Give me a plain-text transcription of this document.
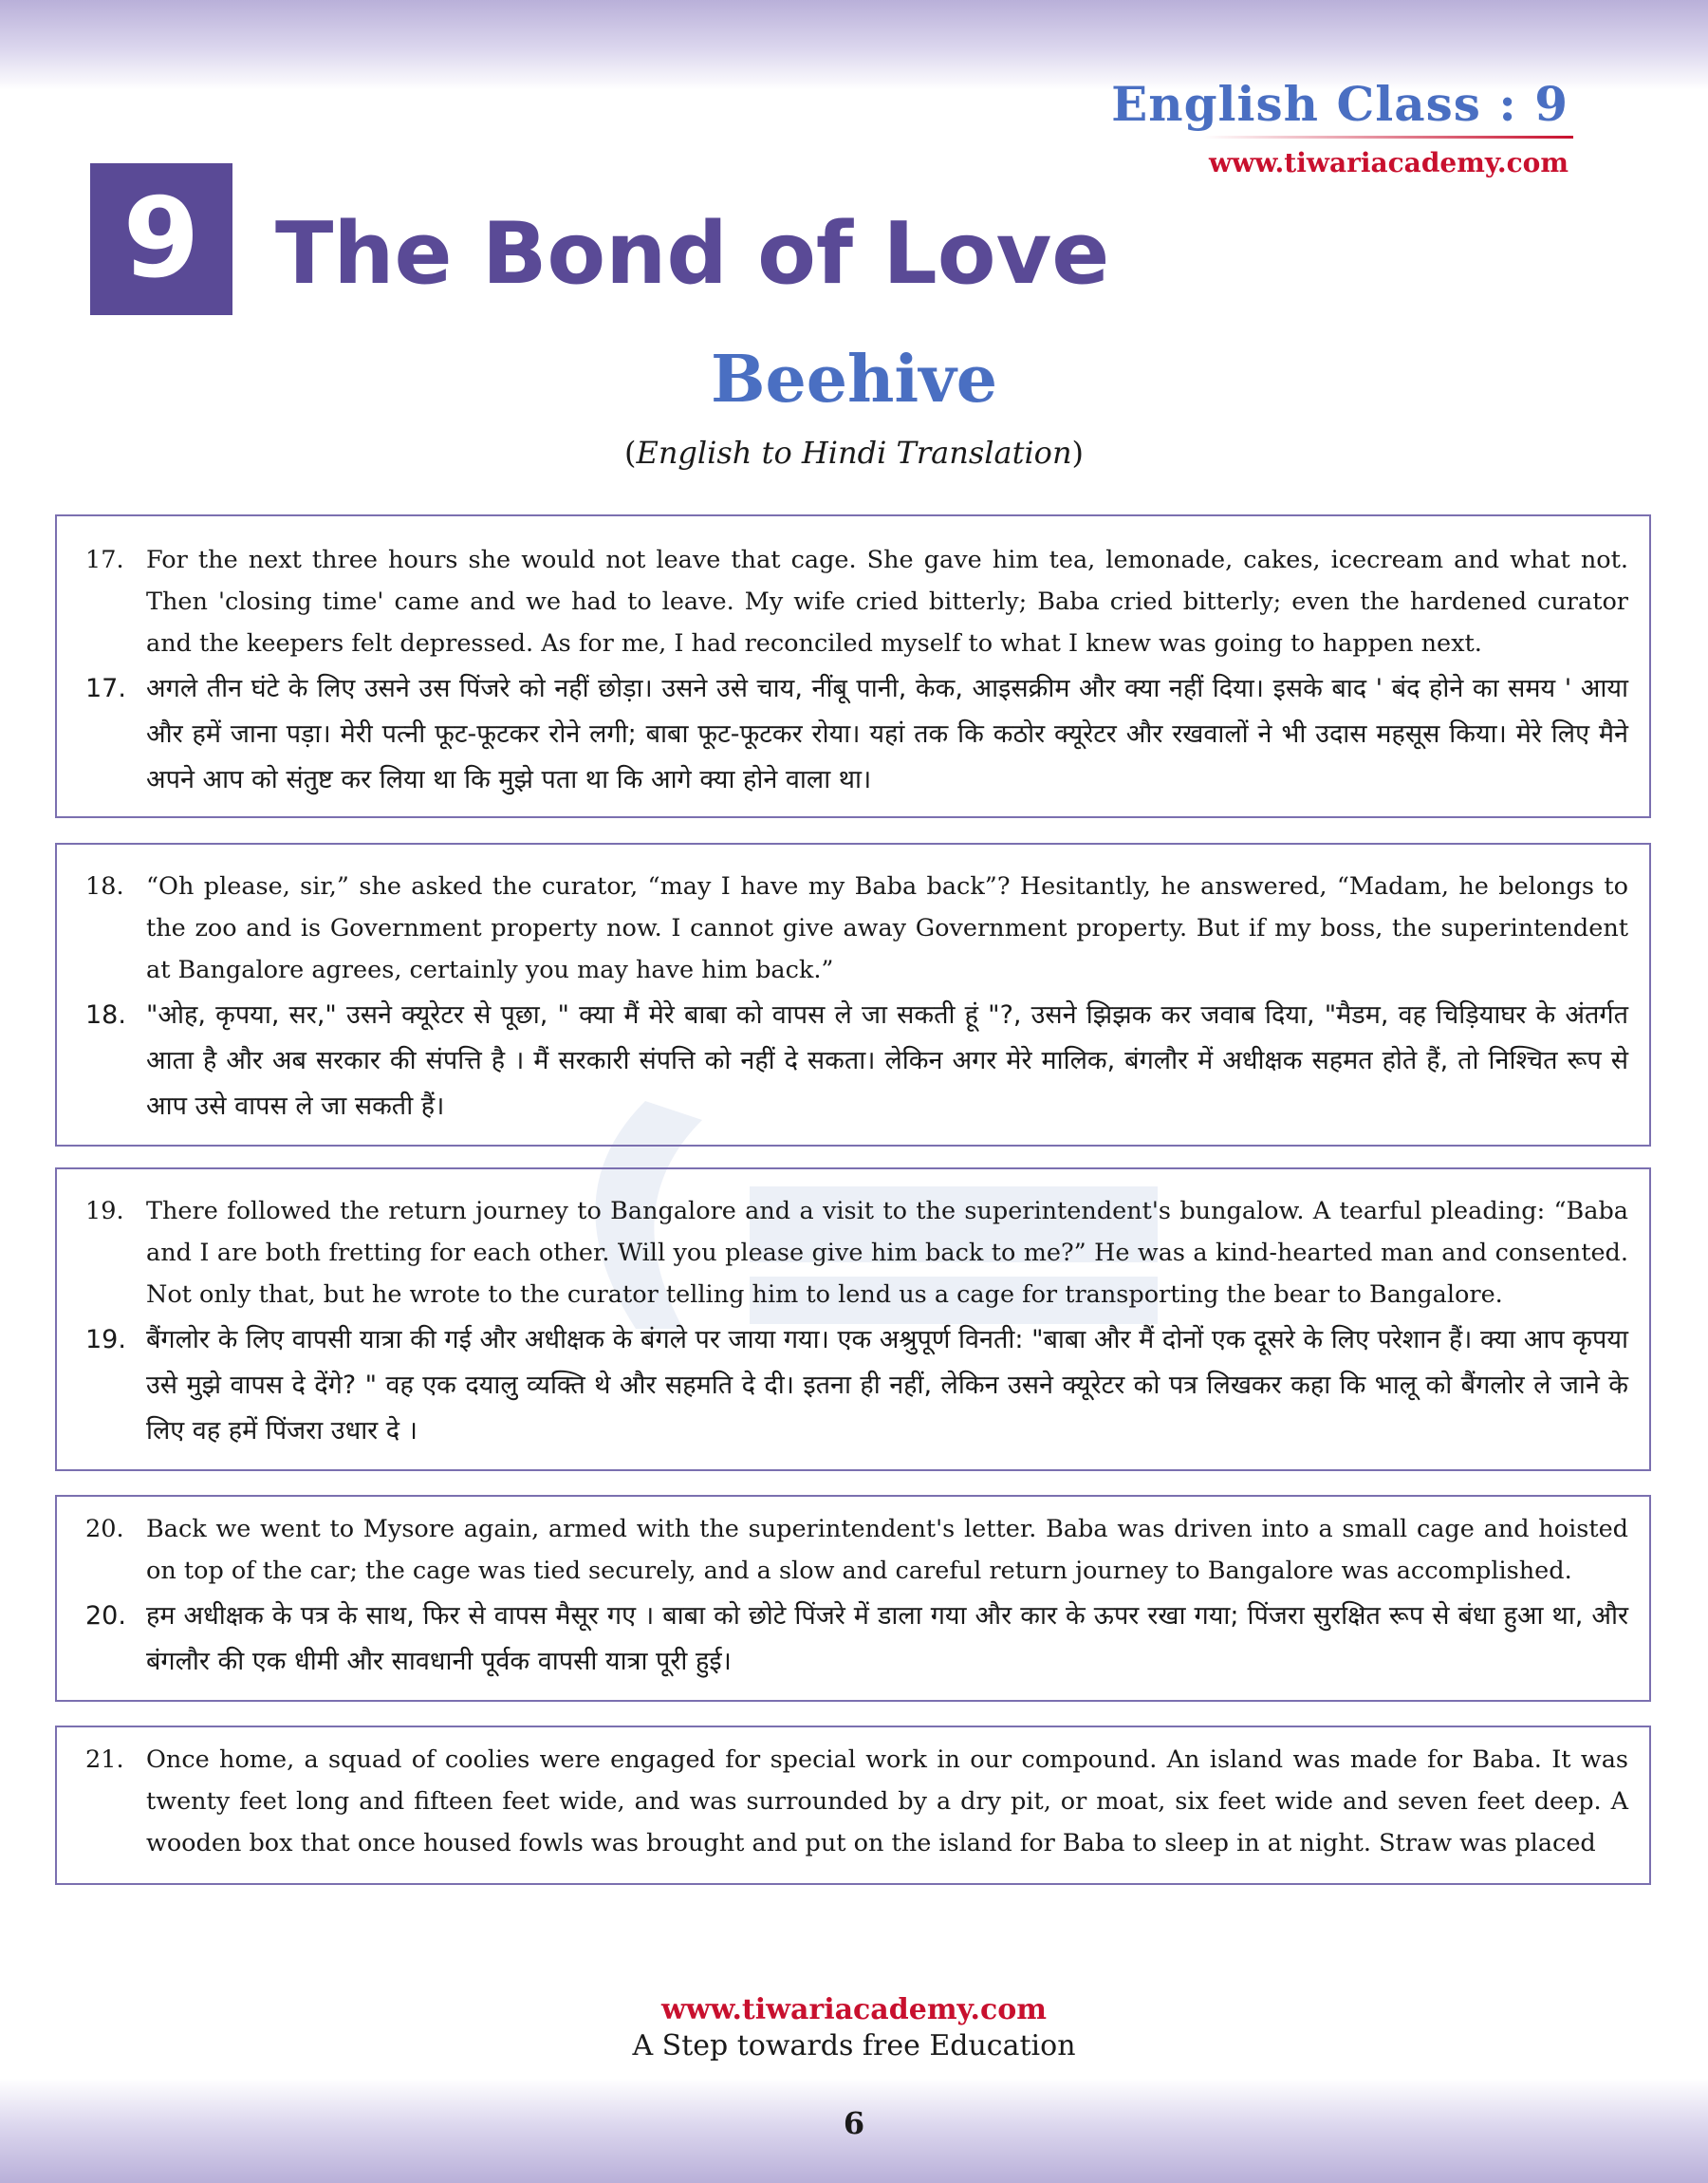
English Class : 9
www.tiwariacademy.com
9 The Bond of Love
Beehive
(English to Hindi Translation)

17. For the next three hours she would not leave that cage. She gave him tea, lemonade, cakes, icecream and what not. Then 'closing time' came and we had to leave. My wife cried bitterly; Baba cried bitterly; even the hardened curator and the keepers felt depressed. As for me, I had reconciled myself to what I knew was going to happen next.

17. अगले तीन घंटे के लिए उसने उस पिंजरे को नहीं छोड़ा। उसने उसे चाय, नींबू पानी, केक, आइसक्रीम और क्या नहीं दिया। इसके बाद ' बंद होने का समय ' आया और हमें जाना पड़ा। मेरी पत्नी फूट-फूटकर रोने लगी; बाबा फूट-फूटकर रोया। यहां तक कि कठोर क्यूरेटर और रखवालों ने भी उदास महसूस किया। मेरे लिए मैने अपने आप को संतुष्ट कर लिया था कि मुझे पता था कि आगे क्या होने वाला था।

18. “Oh please, sir,” she asked the curator, “may I have my Baba back”? Hesitantly, he answered, “Madam, he belongs to the zoo and is Government property now. I cannot give away Government property. But if my boss, the superintendent at Bangalore agrees, certainly you may have him back.”

18. "ओह, कृपया, सर," उसने क्यूरेटर से पूछा, " क्या मैं मेरे बाबा को वापस ले जा सकती हूं "?, उसने झिझक कर जवाब दिया, "मैडम, वह चिड़ियाघर के अंतर्गत आता है और अब सरकार की संपत्ति है । मैं सरकारी संपत्ति को नहीं दे सकता। लेकिन अगर मेरे मालिक, बंगलौर में अधीक्षक सहमत होते हैं, तो निश्चित रूप से आप उसे वापस ले जा सकती हैं।

19. There followed the return journey to Bangalore and a visit to the superintendent's bungalow. A tearful pleading: “Baba and I are both fretting for each other. Will you please give him back to me?” He was a kind-hearted man and consented. Not only that, but he wrote to the curator telling him to lend us a cage for transporting the bear to Bangalore.

19. बैंगलोर के लिए वापसी यात्रा की गई और अधीक्षक के बंगले पर जाया गया। एक अश्रुपूर्ण विनती: "बाबा और मैं दोनों एक दूसरे के लिए परेशान हैं। क्या आप कृपया उसे मुझे वापस दे देंगे? " वह एक दयालु व्यक्ति थे और सहमति दे दी। इतना ही नहीं, लेकिन उसने क्यूरेटर को पत्र लिखकर कहा कि भालू को बैंगलोर ले जाने के लिए वह हमें पिंजरा उधार दे ।

20. Back we went to Mysore again, armed with the superintendent's letter. Baba was driven into a small cage and hoisted on top of the car; the cage was tied securely, and a slow and careful return journey to Bangalore was accomplished.

20. हम अधीक्षक के पत्र के साथ, फिर से वापस मैसूर गए । बाबा को छोटे पिंजरे में डाला गया और कार के ऊपर रखा गया; पिंजरा सुरक्षित रूप से बंधा हुआ था, और बंगलौर की एक धीमी और सावधानी पूर्वक वापसी यात्रा पूरी हुई।

21. Once home, a squad of coolies were engaged for special work in our compound. An island was made for Baba. It was twenty feet long and fifteen feet wide, and was surrounded by a dry pit, or moat, six feet wide and seven feet deep. A wooden box that once housed fowls was brought and put on the island for Baba to sleep in at night. Straw was placed

www.tiwariacademy.com
A Step towards free Education
6
